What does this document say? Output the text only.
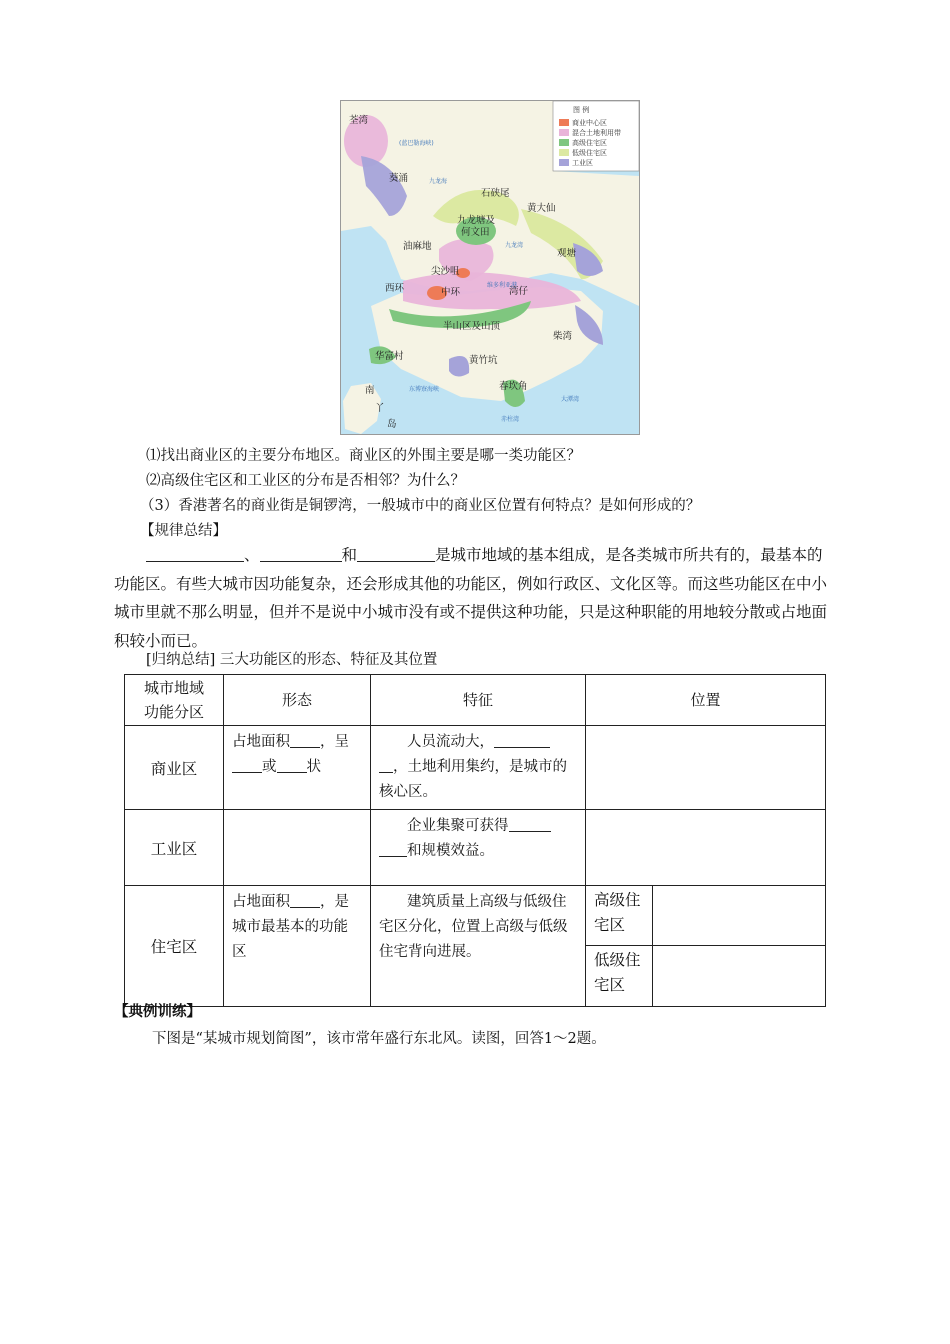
荃湾
葵涌
石硖尾
黄大仙
九龙塘及
何文田
油麻地
观塘
尖沙咀
西环	中环	湾仔
半山区及山顶
柴湾
华富村	黄竹坑
春坎角
南
丫
岛
(蓝巴勒海峡)
九龙海
维多利亚港
九龙湾
东博寮海峡
赤柱湾
大潭湾
图 例
商业中心区
混合土地利用带
高级住宅区
低级住宅区
工业区
⑴找出商业区的主要分布地区。商业区的外围主要是哪一类功能区？
⑵高级住宅区和工业区的分布是否相邻？为什么？
（3）香港著名的商业街是铜锣湾，一般城市中的商业区位置有何特点？是如何形成的？
【规律总结】
、	和	是城市地域的基本组成，是各类城市所共有的，最基本的功能区。有些大城市因功能复杂，还会形成其他的功能区，例如行政区、文化区等。而这些功能区在中小城市里就不那么明显，但并不是说中小城市没有或不提供这种功能，只是这种职能的用地较分散或占地面积较小而已。
[归纳总结] 三大功能区的形态、特征及其位置
城市地域
功能分区	形态	特征	位置	
商业区	占地面积 ，呈
或 状	人员流动大，
，土地利用集约，是城市的核心区。		
工业区		企业集聚可获得
和规模效益。		
住宅区	占地面积 ，是城市最基本的功能区	建筑质量上高级与低级住宅区分化，位置上高级与低级住宅背向进展。	高级住宅区	
			低级住宅区	
【典例训练】
下图是“某城市规划简图”，该市常年盛行东北风。读图，回答1～2题。
